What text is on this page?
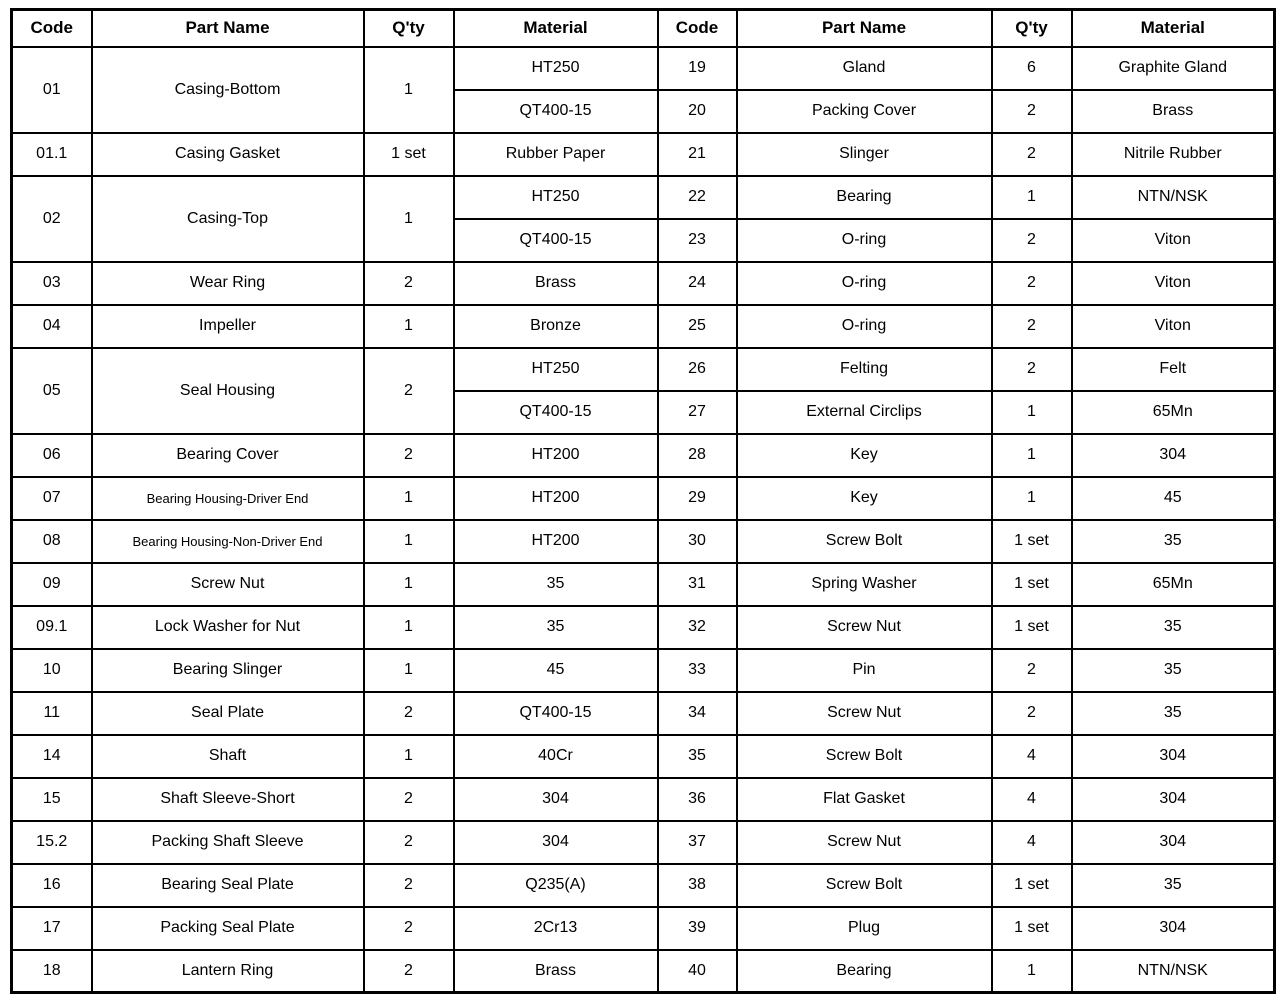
Code	Part Name	Q'ty	Material	Code	Part Name	Q'ty	Material
01	Casing-Bottom	1	HT250	19	Gland	6	Graphite Gland
			QT400-15	20	Packing Cover	2	Brass
01.1	Casing Gasket	1 set	Rubber Paper	21	Slinger	2	Nitrile Rubber
02	Casing-Top	1	HT250	22	Bearing	1	NTN/NSK
			QT400-15	23	O-ring	2	Viton
03	Wear Ring	2	Brass	24	O-ring	2	Viton
04	Impeller	1	Bronze	25	O-ring	2	Viton
05	Seal Housing	2	HT250	26	Felting	2	Felt
			QT400-15	27	External Circlips	1	65Mn
06	Bearing Cover	2	HT200	28	Key	1	304
07	Bearing Housing-Driver End	1	HT200	29	Key	1	45
08	Bearing Housing-Non-Driver End	1	HT200	30	Screw Bolt	1 set	35
09	Screw Nut	1	35	31	Spring Washer	1 set	65Mn
09.1	Lock Washer for Nut	1	35	32	Screw Nut	1 set	35
10	Bearing Slinger	1	45	33	Pin	2	35
11	Seal Plate	2	QT400-15	34	Screw Nut	2	35
14	Shaft	1	40Cr	35	Screw Bolt	4	304
15	Shaft Sleeve-Short	2	304	36	Flat Gasket	4	304
15.2	Packing Shaft Sleeve	2	304	37	Screw Nut	4	304
16	Bearing Seal Plate	2	Q235(A)	38	Screw Bolt	1 set	35
17	Packing Seal Plate	2	2Cr13	39	Plug	1 set	304
18	Lantern Ring	2	Brass	40	Bearing	1	NTN/NSK
